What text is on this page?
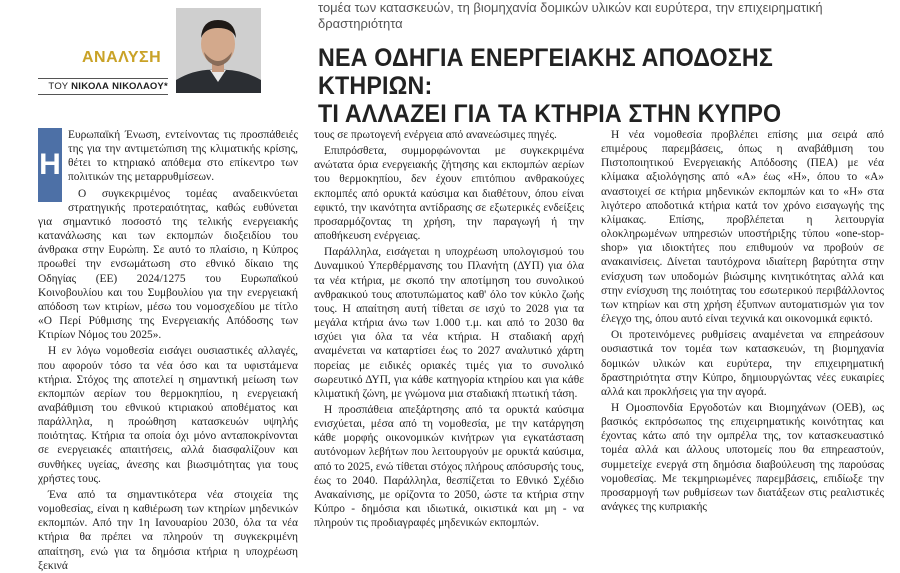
ΑΝΑΛΥΣΗ
ΤΟΥ ΝΙΚΟΛΑ ΝΙΚΟΛΑΟΥ*
τομέα των κατασκευών, τη βιομηχανία δομικών υλικών και ευρύτερα, την επιχειρηματική δραστηριότητα
ΝΕΑ ΟΔΗΓΙΑ ΕΝΕΡΓΕΙΑΚΗΣ ΑΠΟΔΟΣΗΣ ΚΤΗΡΙΩΝ:
ΤΙ ΑΛΛΑΖΕΙ ΓΙΑ ΤΑ ΚΤΗΡΙΑ ΣΤΗΝ ΚΥΠΡΟ
Η

Ευρωπαϊκή Ένωση, εντείνοντας τις προσπάθειές της για την αντιμετώπιση της κλιματικής κρίσης, θέτει το κτηριακό απόθεμα στο επίκεντρο των πολιτικών της μεταρρυθμίσεων.

Ο συγκεκριμένος τομέας αναδεικνύεται στρατηγικής προτεραιότητας, καθώς ευθύνεται για σημαντικό ποσοστό της τελικής ενεργειακής κατανάλωσης και των εκπομπών διοξειδίου του άνθρακα στην Ευρώπη. Σε αυτό το πλαίσιο, η Κύπρος προωθεί την ενσωμάτωση στο εθνικό δίκαιο της Οδηγίας (ΕΕ) 2024/1275 του Ευρωπαϊκού Κοινοβουλίου και του Συμβουλίου για την ενεργειακή απόδοση των κτιρίων, μέσω του νομοσχεδίου με τίτλο «Ο Περί Ρύθμισης της Ενεργειακής Απόδοσης των Κτιρίων Νόμος του 2025».

Η εν λόγω νομοθεσία εισάγει ουσιαστικές αλλαγές, που αφορούν τόσο τα νέα όσο και τα υφιστάμενα κτήρια. Στόχος της αποτελεί η σημαντική μείωση των εκπομπών αερίων του θερμοκηπίου, η ενεργειακή αναβάθμιση του εθνικού κτιριακού αποθέματος και παράλληλα, η προώθηση κατασκευών υψηλής ποιότητας. Κτήρια τα οποία όχι μόνο ανταποκρίνονται σε ενεργειακές απαιτήσεις, αλλά διασφαλίζουν και συνθήκες υγείας, άνεσης και βιωσιμότητας για τους χρήστες τους.

Ένα από τα σημαντικότερα νέα στοιχεία της νομοθεσίας, είναι η καθιέρωση των κτηρίων μηδενικών εκπομπών. Από την 1η Ιανουαρίου 2030, όλα τα νέα κτήρια θα πρέπει να πληρούν τη συγκεκριμένη απαίτηση, ενώ για τα δημόσια κτήρια η υποχρέωση ξεκινά

τους σε πρωτογενή ενέργεια από ανανεώσιμες πηγές.

Επιπρόσθετα, συμμορφώνονται με συγκεκριμένα ανώτατα όρια ενεργειακής ζήτησης και εκπομπών αερίων του θερμοκηπίου, δεν έχουν επιτόπιου ανθρακούχες εκπομπές από ορυκτά καύσιμα και διαθέτουν, όπου είναι εφικτό, την ικανότητα αντίδρασης σε εξωτερικές ενδείξεις προσαρμόζοντας τη χρήση, την παραγωγή ή την αποθήκευση ενέργειας.

Παράλληλα, εισάγεται η υποχρέωση υπολογισμού του Δυναμικού Υπερθέρμανσης του Πλανήτη (ΔΥΠ) για όλα τα νέα κτήρια, με σκοπό την αποτίμηση του συνολικού ανθρακικού τους αποτυπώματος καθ' όλο τον κύκλο ζωής τους. Η απαίτηση αυτή τίθεται σε ισχύ το 2028 για τα μεγάλα κτήρια άνω των 1.000 τ.μ. και από το 2030 θα ισχύει για όλα τα νέα κτήρια. Η σταδιακή αρχή αναμένεται να καταρτίσει έως το 2027 αναλυτικό χάρτη πορείας με ειδικές οριακές τιμές για το συνολικό σωρευτικό ΔΥΠ, για κάθε κατηγορία κτηρίου και για κάθε κλιματική ζώνη, με γνώμονα μια σταδιακή πτωτική τάση.

Η προσπάθεια απεξάρτησης από τα ορυκτά καύσιμα ενισχύεται, μέσα από τη νομοθεσία, με την κατάργηση κάθε μορφής οικονομικών κινήτρων για εγκατάσταση αυτόνομων λεβήτων που λειτουργούν με ορυκτά καύσιμα, από το 2025, ενώ τίθεται στόχος πλήρους απόσυρσής τους, έως το 2040. Παράλληλα, θεσπίζεται το Εθνικό Σχέδιο Ανακαίνισης, με ορίζοντα το 2050, ώστε τα κτήρια στην Κύπρο - δημόσια και ιδιωτικά, οικιστικά και μη - να πληρούν τις προδιαγραφές μηδενικών εκπομπών.

Η νέα νομοθεσία προβλέπει επίσης μια σειρά από επιμέρους παρεμβάσεις, όπως η αναβάθμιση του Πιστοποιητικού Ενεργειακής Απόδοσης (ΠΕΑ) με νέα κλίμακα αξιολόγησης από «Α» έως «Η», όπου το «Α» αναστοιχεί σε κτήρια μηδενικών εκπομπών και το «Η» στα λιγότερο αποδοτικά κτήρια κατά τον χρόνο εισαγωγής της κλίμακας. Επίσης, προβλέπεται η λειτουργία ολοκληρωμένων υπηρεσιών υποστήριξης τύπου «one-stop-shop» για ιδιοκτήτες που επιθυμούν να προβούν σε ανακαινίσεις. Δίνεται ταυτόχρονα ιδιαίτερη βαρύτητα στην ενίσχυση των υποδομών βιώσιμης κινητικότητας αλλά και στην ενίσχυση της ποιότητας του εσωτερικού περιβάλλοντος των κτηρίων και στη χρήση έξυπνων αυτοματισμών για τον έλεγχο της, όπου αυτό είναι τεχνικά και οικονομικά εφικτό.

Οι προτεινόμενες ρυθμίσεις αναμένεται να επηρεάσουν ουσιαστικά τον τομέα των κατασκευών, τη βιομηχανία δομικών υλικών και ευρύτερα, την επιχειρηματική δραστηριότητα στην Κύπρο, δημιουργώντας νέες ευκαιρίες αλλά και προκλήσεις για την αγορά.

Η Ομοσπονδία Εργοδοτών και Βιομηχάνων (ΟΕΒ), ως βασικός εκπρόσωπος της επιχειρηματικής κοινότητας και έχοντας κάτω από την ομπρέλα της, τον κατασκευαστικό τομέα αλλά και άλλους υποτομείς που θα επηρεαστούν, συμμετείχε ενεργά στη δημόσια διαβούλευση της παρούσας νομοθεσίας. Με τεκμηριωμένες παρεμβάσεις, επιδίωξε την προσαρμογή των ρυθμίσεων των διατάξεων στις ρεαλιστικές ανάγκες της κυπριακής
